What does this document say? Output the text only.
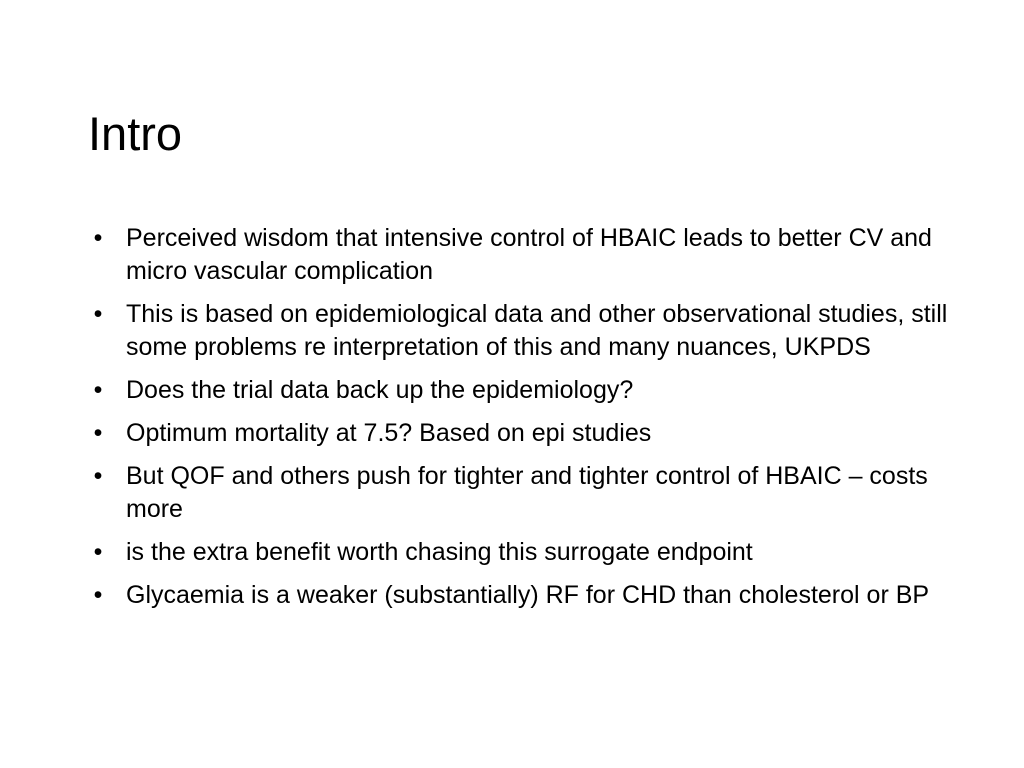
Intro
• Perceived wisdom that intensive control of HBAIC leads to better CV and micro vascular complication
• This is based on epidemiological data and other observational studies, still some problems re interpretation of this and many nuances, UKPDS
• Does the trial data back up the epidemiology?
• Optimum mortality at 7.5? Based on epi studies
• But QOF and others push for tighter and tighter control of HBAIC – costs more
• is the extra benefit worth chasing this surrogate endpoint
• Glycaemia is a weaker (substantially) RF for CHD than cholesterol or BP
